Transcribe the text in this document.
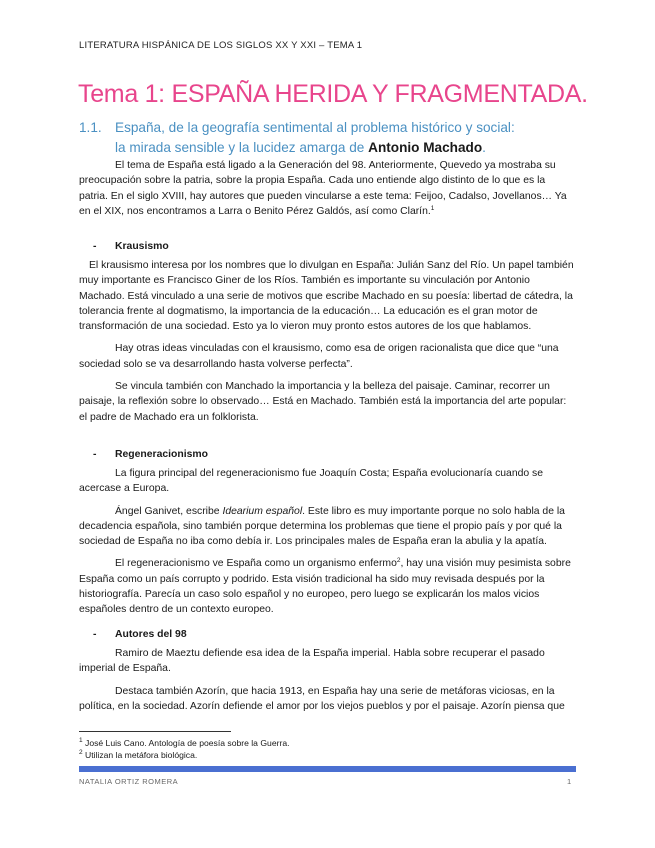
LITERATURA HISPÁNICA DE LOS SIGLOS XX Y XXI – TEMA 1
Tema 1: ESPAÑA HERIDA Y FRAGMENTADA.
1.1. España, de la geografía sentimental al problema histórico y social:
la mirada sensible y la lucidez amarga de Antonio Machado.

El tema de España está ligado a la Generación del 98. Anteriormente, Quevedo ya mostraba su preocupación sobre la patria, sobre la propia España. Cada uno entiende algo distinto de lo que es la patria. En el siglo XVIII, hay autores que pueden vincularse a este tema: Feijoo, Cadalso, Jovellanos… Ya en el XIX, nos encontramos a Larra o Benito Pérez Galdós, así como Clarín.$^1$

-	Krausismo

El krausismo interesa por los nombres que lo divulgan en España: Julián Sanz del Río. Un papel también muy importante es Francisco Giner de los Ríos. También es importante su vinculación por Antonio Machado. Está vinculado a una serie de motivos que escribe Machado en su poesía: libertad de cátedra, la tolerancia frente al dogmatismo, la importancia de la educación… La educación es el gran motor de transformación de una sociedad. Esto ya lo vieron muy pronto estos autores de los que hablamos.

Hay otras ideas vinculadas con el krausismo, como esa de origen racionalista que dice que “una sociedad solo se va desarrollando hasta volverse perfecta”.

Se vincula también con Manchado la importancia y la belleza del paisaje. Caminar, recorrer un paisaje, la reflexión sobre lo observado… Está en Machado. También está la importancia del arte popular: el padre de Machado era un folklorista.

-	Regeneracionismo

La figura principal del regeneracionismo fue Joaquín Costa; España evolucionaría cuando se acercase a Europa.

Ángel Ganivet, escribe Idearium español. Este libro es muy importante porque no solo habla de la decadencia española, sino también porque determina los problemas que tiene el propio país y por qué la sociedad de España no iba como debía ir. Los principales males de España eran la abulia y la apatía.

El regeneracionismo ve España como un organismo enfermo$^2$, hay una visión muy pesimista sobre España como un país corrupto y podrido. Esta visión tradicional ha sido muy revisada después por la historiografía. Parecía un caso solo español y no europeo, pero luego se explicarán los malos vicios españoles dentro de un contexto europeo.

-	Autores del 98

Ramiro de Maeztu defiende esa idea de la España imperial. Habla sobre recuperar el pasado imperial de España.

Destaca también Azorín, que hacia 1913, en España hay una serie de metáforas viciosas, en la política, en la sociedad. Azorín defiende el amor por los viejos pueblos y por el paisaje. Azorín piensa que

$^1$ José Luis Cano. Antología de poesía sobre la Guerra.
$^2$ Utilizan la metáfora biológica.
NATALIA ORTIZ ROMERA	1
